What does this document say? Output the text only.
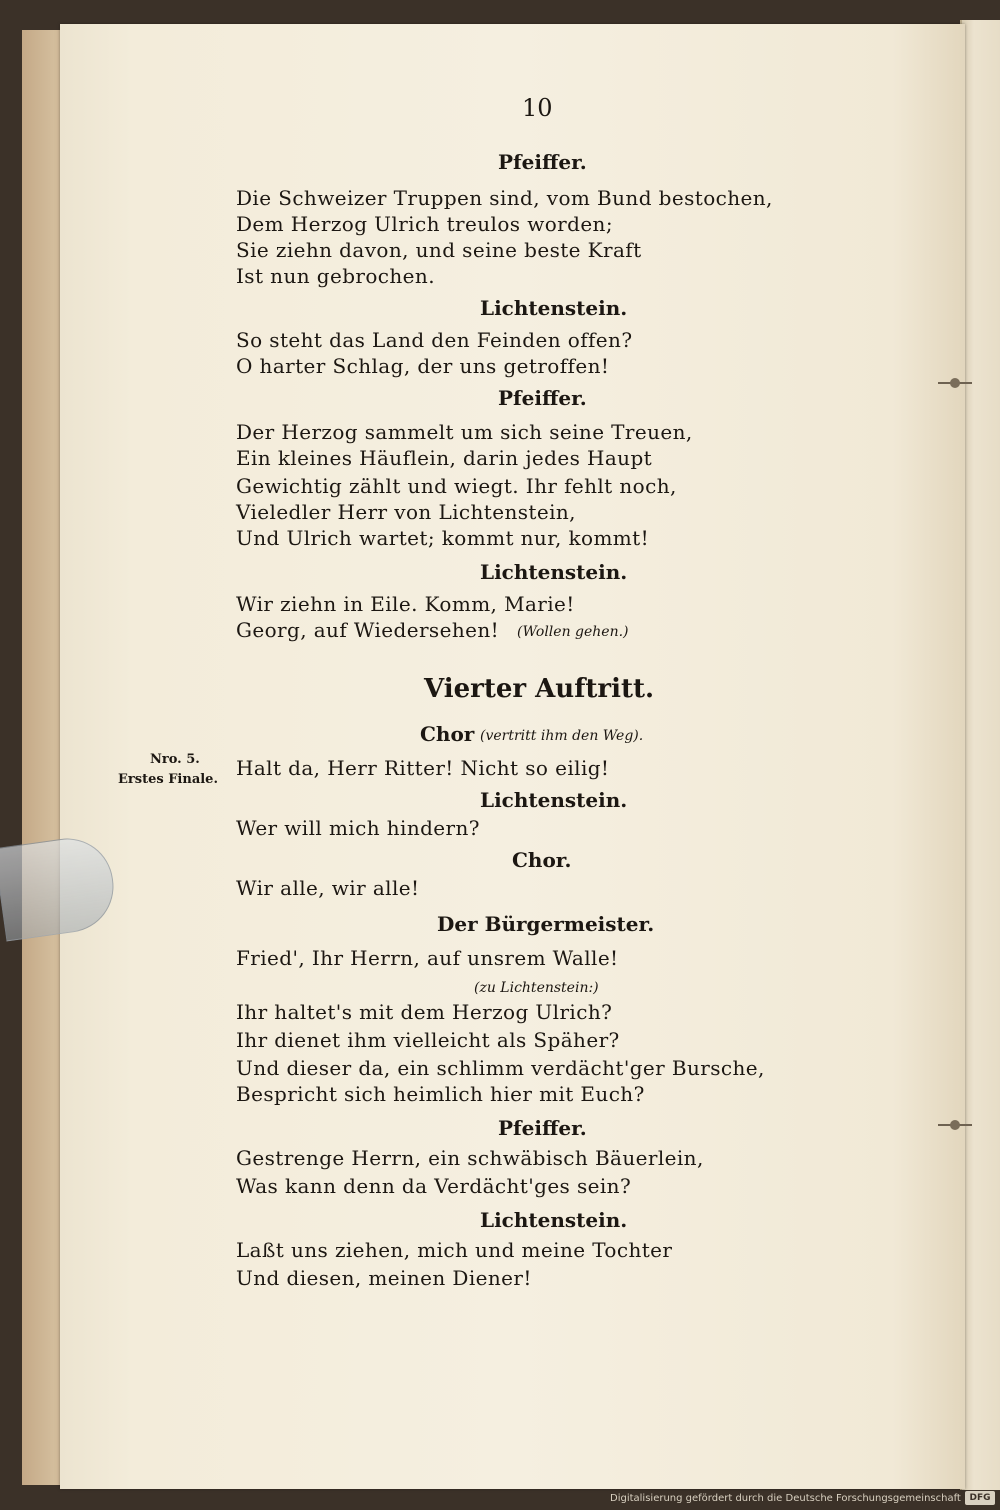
10
Pfeiffer.
Die Schweizer Truppen sind, vom Bund bestochen,
Dem Herzog Ulrich treulos worden;
Sie ziehn davon, und seine beste Kraft
Ist nun gebrochen.
Lichtenstein.
So steht das Land den Feinden offen?
O harter Schlag, der uns getroffen!
Pfeiffer.
Der Herzog sammelt um sich seine Treuen,
Ein kleines Häuflein, darin jedes Haupt
Gewichtig zählt und wiegt. Ihr fehlt noch,
Vieledler Herr von Lichtenstein,
Und Ulrich wartet; kommt nur, kommt!
Lichtenstein.
Wir ziehn in Eile. Komm, Marie!
Georg, auf Wiedersehen! (Wollen gehen.)
Vierter Auftritt.
Chor (vertritt ihm den Weg).
Nro. 5.
Erstes Finale. Halt da, Herr Ritter! Nicht so eilig!
Lichtenstein.
Wer will mich hindern?
Chor.
Wir alle, wir alle!
Der Bürgermeister.
Fried', Ihr Herrn, auf unsrem Walle!
(zu Lichtenstein:)
Ihr haltet's mit dem Herzog Ulrich?
Ihr dienet ihm vielleicht als Späher?
Und dieser da, ein schlimm verdächt'ger Bursche,
Bespricht sich heimlich hier mit Euch?
Pfeiffer.
Gestrenge Herrn, ein schwäbisch Bäuerlein,
Was kann denn da Verdächt'ges sein?
Lichtenstein.
Laßt uns ziehen, mich und meine Tochter
Und diesen, meinen Diener!
Digitalisierung gefördert durch die Deutsche Forschungsgemeinschaft DFG
